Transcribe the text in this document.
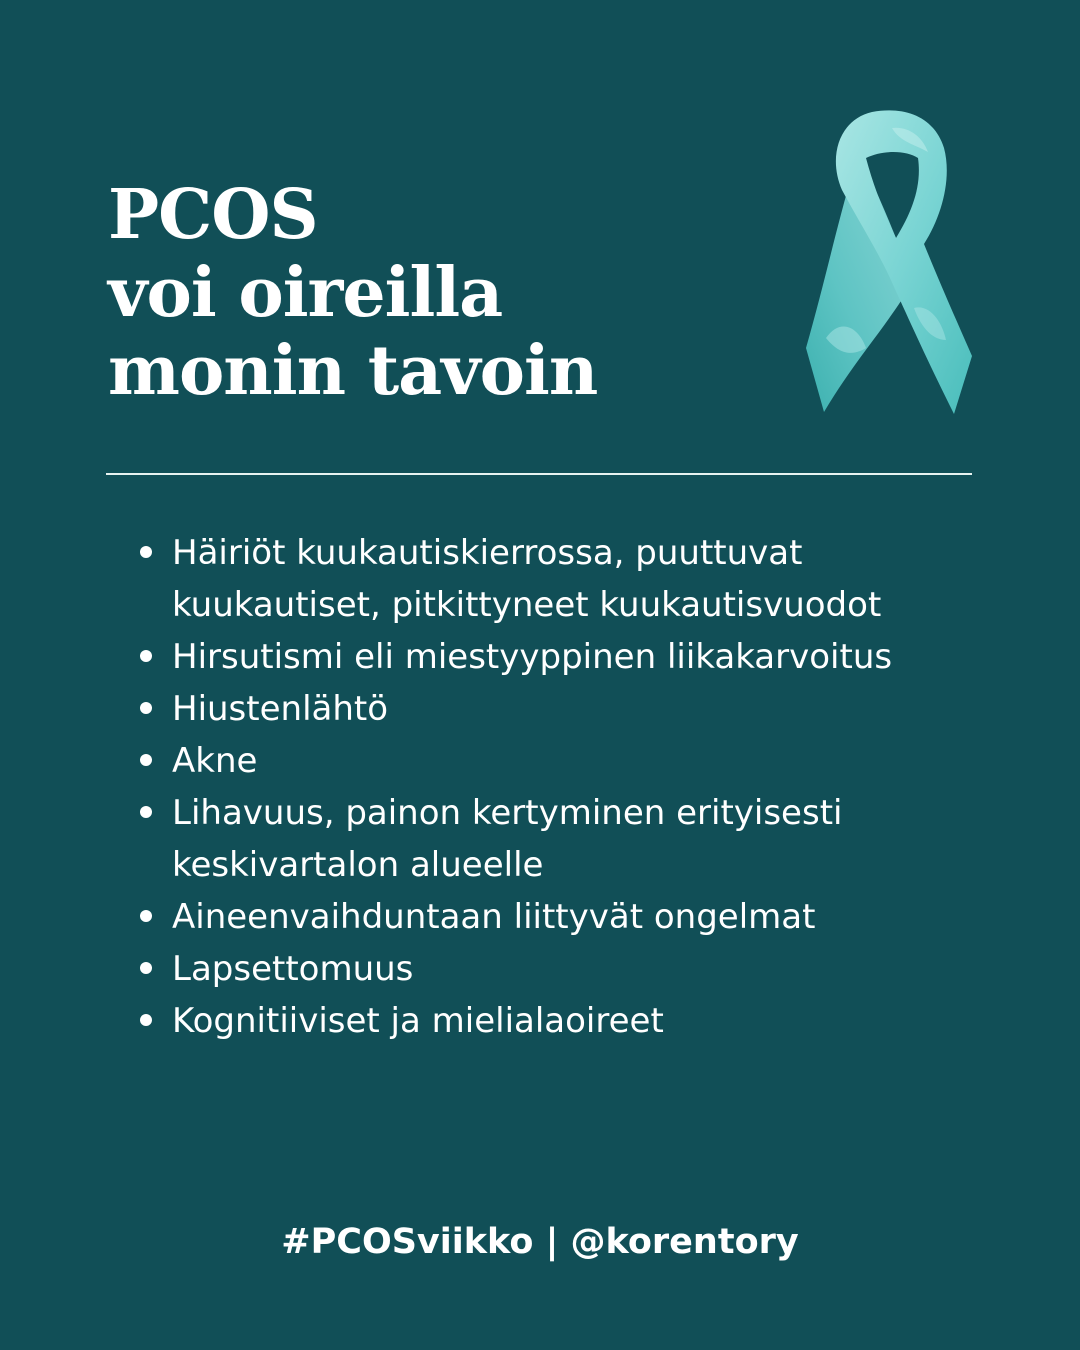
PCOS
voi oireilla
monin tavoin
Häiriöt kuukautiskierrossa, puuttuvat kuukautiset, pitkittyneet kuukautisvuodot
Hirsutismi eli miestyyppinen liikakarvoitus
Hiustenlähtö
Akne
Lihavuus, painon kertyminen erityisesti keskivartalon alueelle
Aineenvaihduntaan liittyvät ongelmat
Lapsettomuus
Kognitiiviset ja mielialaoireet
#PCOSviikko | @korentory
